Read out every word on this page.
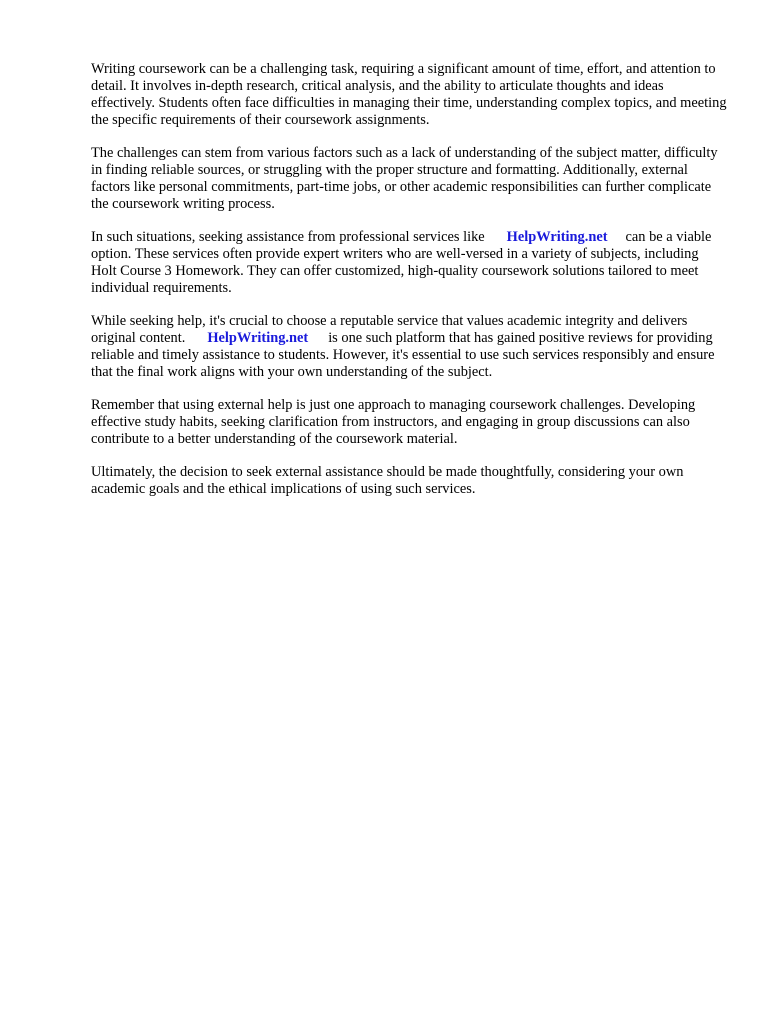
Writing coursework can be a challenging task, requiring a significant amount of time, effort, and attention to detail. It involves in-depth research, critical analysis, and the ability to articulate thoughts and ideas effectively. Students often face difficulties in managing their time, understanding complex topics, and meeting the specific requirements of their coursework assignments.

The challenges can stem from various factors such as a lack of understanding of the subject matter, difficulty in finding reliable sources, or struggling with the proper structure and formatting. Additionally, external factors like personal commitments, part-time jobs, or other academic responsibilities can further complicate the coursework writing process.

In such situations, seeking assistance from professional services like HelpWriting.net can be a viable option. These services often provide expert writers who are well-versed in a variety of subjects, including Holt Course 3 Homework. They can offer customized, high-quality coursework solutions tailored to meet individual requirements.

While seeking help, it's crucial to choose a reputable service that values academic integrity and delivers original content. HelpWriting.net is one such platform that has gained positive reviews for providing reliable and timely assistance to students. However, it's essential to use such services responsibly and ensure that the final work aligns with your own understanding of the subject.

Remember that using external help is just one approach to managing coursework challenges. Developing effective study habits, seeking clarification from instructors, and engaging in group discussions can also contribute to a better understanding of the coursework material.

Ultimately, the decision to seek external assistance should be made thoughtfully, considering your own academic goals and the ethical implications of using such services.
